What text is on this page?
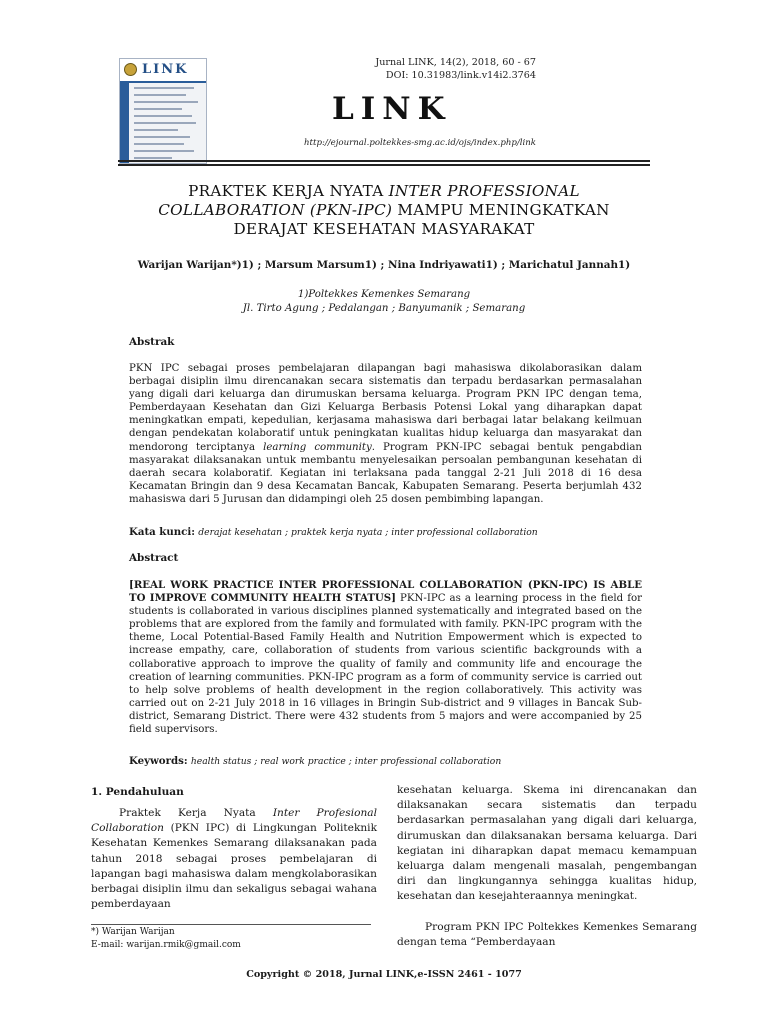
LINK	Jurnal LINK, 14(2), 2018, 60 - 67
DOI: 10.31983/link.v14i2.3764
LINK
http://ejournal.poltekkes-smg.ac.id/ojs/index.php/link
PRAKTEK KERJA NYATA INTER PROFESSIONAL
COLLABORATION (PKN-IPC) MAMPU MENINGKATKAN
DERAJAT KESEHATAN MASYARAKAT
Warijan Warijan*)1) ; Marsum Marsum1) ; Nina Indriyawati1) ; Marichatul Jannah1)
1)Poltekkes Kemenkes Semarang
Jl. Tirto Agung ; Pedalangan ; Banyumanik ; Semarang
Abstrak
PKN IPC sebagai proses pembelajaran dilapangan bagi mahasiswa dikolaborasikan dalam berbagai disiplin ilmu direncanakan secara sistematis dan terpadu berdasarkan permasalahan yang digali dari keluarga dan dirumuskan bersama keluarga. Program PKN IPC dengan tema, Pemberdayaan Kesehatan dan Gizi Keluarga Berbasis Potensi Lokal yang diharapkan dapat meningkatkan empati, kepedulian, kerjasama mahasiswa dari berbagai latar belakang keilmuan dengan pendekatan kolaboratif untuk peningkatan kualitas hidup keluarga dan masyarakat dan mendorong terciptanya learning community. Program PKN-IPC sebagai bentuk pengabdian masyarakat dilaksanakan untuk membantu menyelesaikan persoalan pembangunan kesehatan di daerah secara kolaboratif. Kegiatan ini terlaksana pada tanggal 2-21 Juli 2018 di 16 desa Kecamatan Bringin dan 9 desa Kecamatan Bancak, Kabupaten Semarang. Peserta berjumlah 432 mahasiswa dari 5 Jurusan dan didampingi oleh 25 dosen pembimbing lapangan.
Kata kunci: derajat kesehatan ; praktek kerja nyata ; inter professional collaboration
Abstract
[REAL WORK PRACTICE INTER PROFESSIONAL COLLABORATION (PKN-IPC) IS ABLE TO IMPROVE COMMUNITY HEALTH STATUS] PKN-IPC as a learning process in the field for students is collaborated in various disciplines planned systematically and integrated based on the problems that are explored from the family and formulated with family. PKN-IPC program with the theme, Local Potential-Based Family Health and Nutrition Empowerment which is expected to increase empathy, care, collaboration of students from various scientific backgrounds with a collaborative approach to improve the quality of family and community life and encourage the creation of learning communities. PKN-IPC program as a form of community service is carried out to help solve problems of health development in the region collaboratively. This activity was carried out on 2-21 July 2018 in 16 villages in Bringin Sub-district and 9 villages in Bancak Sub-district, Semarang District. There were 432 students from 5 majors and were accompanied by 25 field supervisors.
Keywords: health status ; real work practice ; inter professional collaboration
1. Pendahuluan
Praktek Kerja Nyata Inter Profesional Collaboration (PKN IPC) di Lingkungan Politeknik Kesehatan Kemenkes Semarang dilaksanakan pada tahun 2018 sebagai proses pembelajaran di lapangan bagi mahasiswa dalam mengkolaborasikan berbagai disiplin ilmu dan sekaligus sebagai wahana pemberdayaan
kesehatan keluarga. Skema ini direncanakan dan dilaksanakan secara sistematis dan terpadu berdasarkan permasalahan yang digali dari keluarga, dirumuskan dan dilaksanakan bersama keluarga. Dari kegiatan ini diharapkan dapat memacu kemampuan keluarga dalam mengenali masalah, pengembangan diri dan lingkungannya sehingga kualitas hidup, kesehatan dan kesejahteraannya meningkat.
Program PKN IPC Poltekkes Kemenkes Semarang dengan tema “Pemberdayaan
*) Warijan Warijan
E-mail: warijan.rmik@gmail.com
Copyright © 2018, Jurnal LINK,e-ISSN 2461 - 1077
